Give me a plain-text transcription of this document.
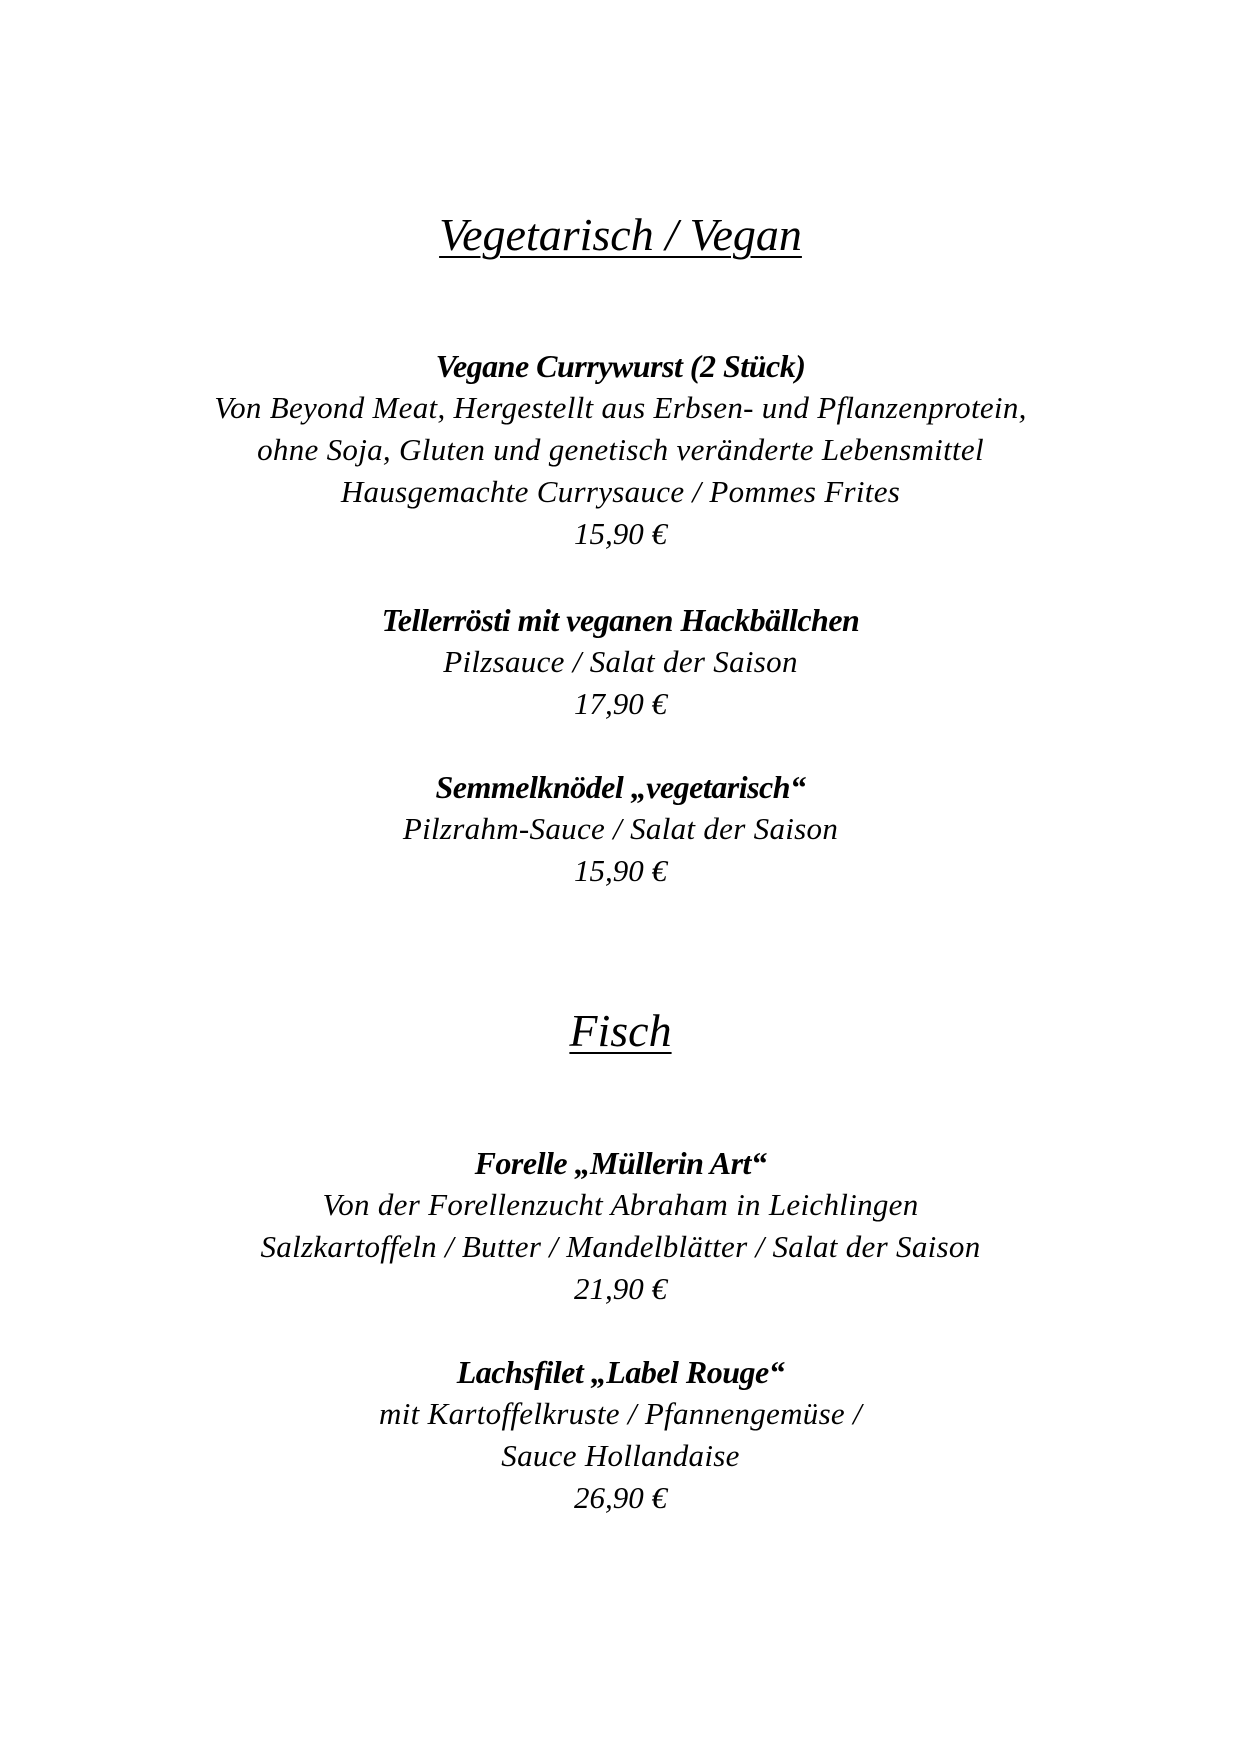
Vegetarisch / Vegan
Vegane Currywurst (2 Stück)
Von Beyond Meat, Hergestellt aus Erbsen- und Pflanzenprotein,
ohne Soja, Gluten und genetisch veränderte Lebensmittel
Hausgemachte Currysauce / Pommes Frites
15,90 €
Tellerrösti mit veganen Hackbällchen
Pilzsauce / Salat der Saison
17,90 €
Semmelknödel „vegetarisch“
Pilzrahm-Sauce / Salat der Saison
15,90 €
Fisch
Forelle „Müllerin Art“
Von der Forellenzucht Abraham in Leichlingen
Salzkartoffeln / Butter / Mandelblätter / Salat der Saison
21,90 €
Lachsfilet „Label Rouge“
mit Kartoffelkruste / Pfannengemüse /
Sauce Hollandaise
26,90 €
